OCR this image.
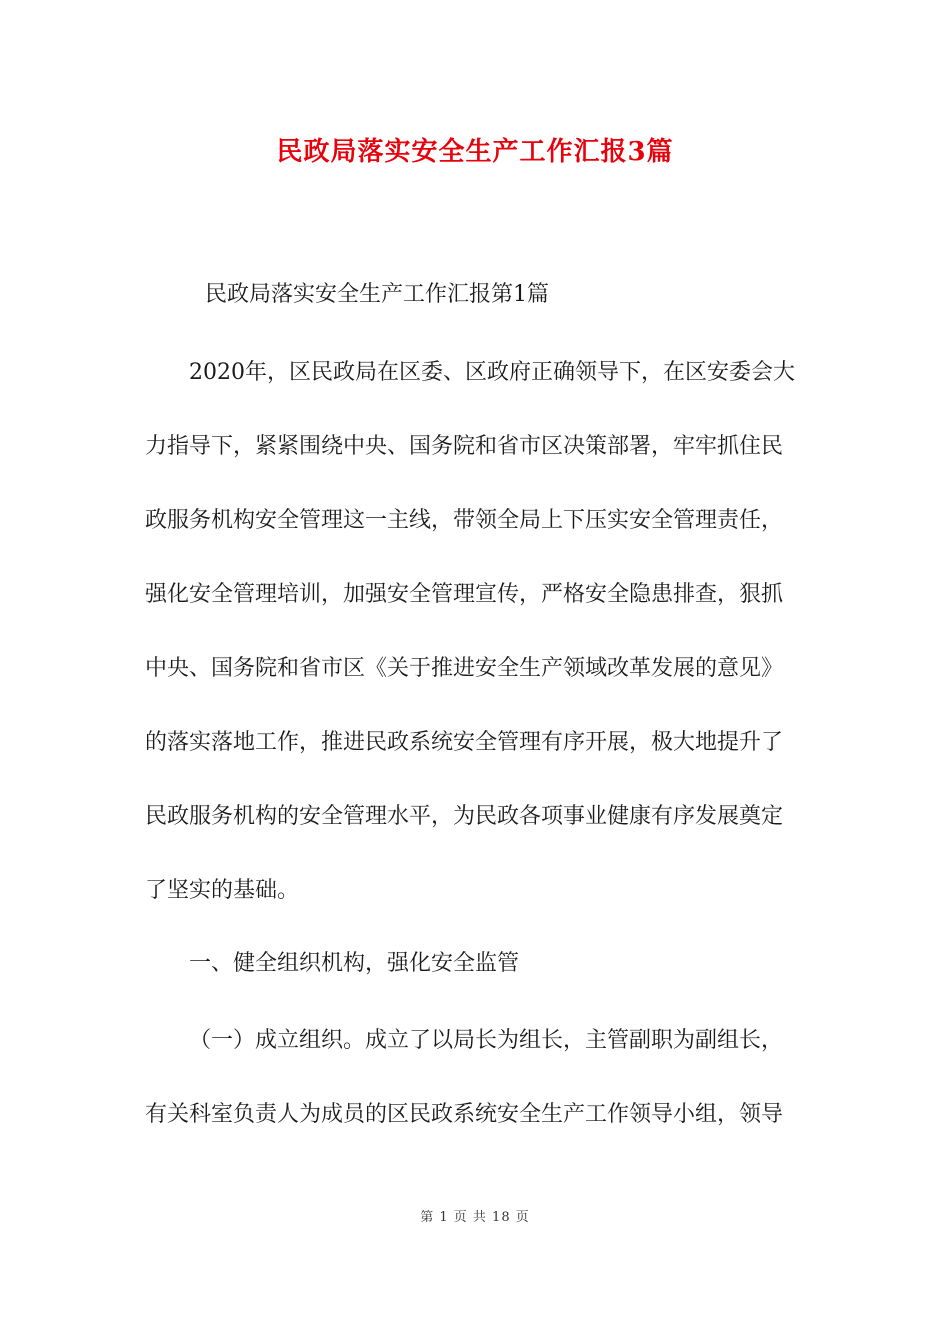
民政局落实安全生产工作汇报3篇
民政局落实安全生产工作汇报第1篇
2020年，区民政局在区委、区政府正确领导下，在区安委会大
力指导下，紧紧围绕中央、国务院和省市区决策部署，牢牢抓住民
政服务机构安全管理这一主线，带领全局上下压实安全管理责任，
强化安全管理培训，加强安全管理宣传，严格安全隐患排查，狠抓
中央、国务院和省市区《关于推进安全生产领域改革发展的意见》
的落实落地工作，推进民政系统安全管理有序开展，极大地提升了
民政服务机构的安全管理水平，为民政各项事业健康有序发展奠定
了坚实的基础。
一、健全组织机构，强化安全监管
（一）成立组织。成立了以局长为组长，主管副职为副组长，
有关科室负责人为成员的区民政系统安全生产工作领导小组，领导
第 1 页 共 18 页
